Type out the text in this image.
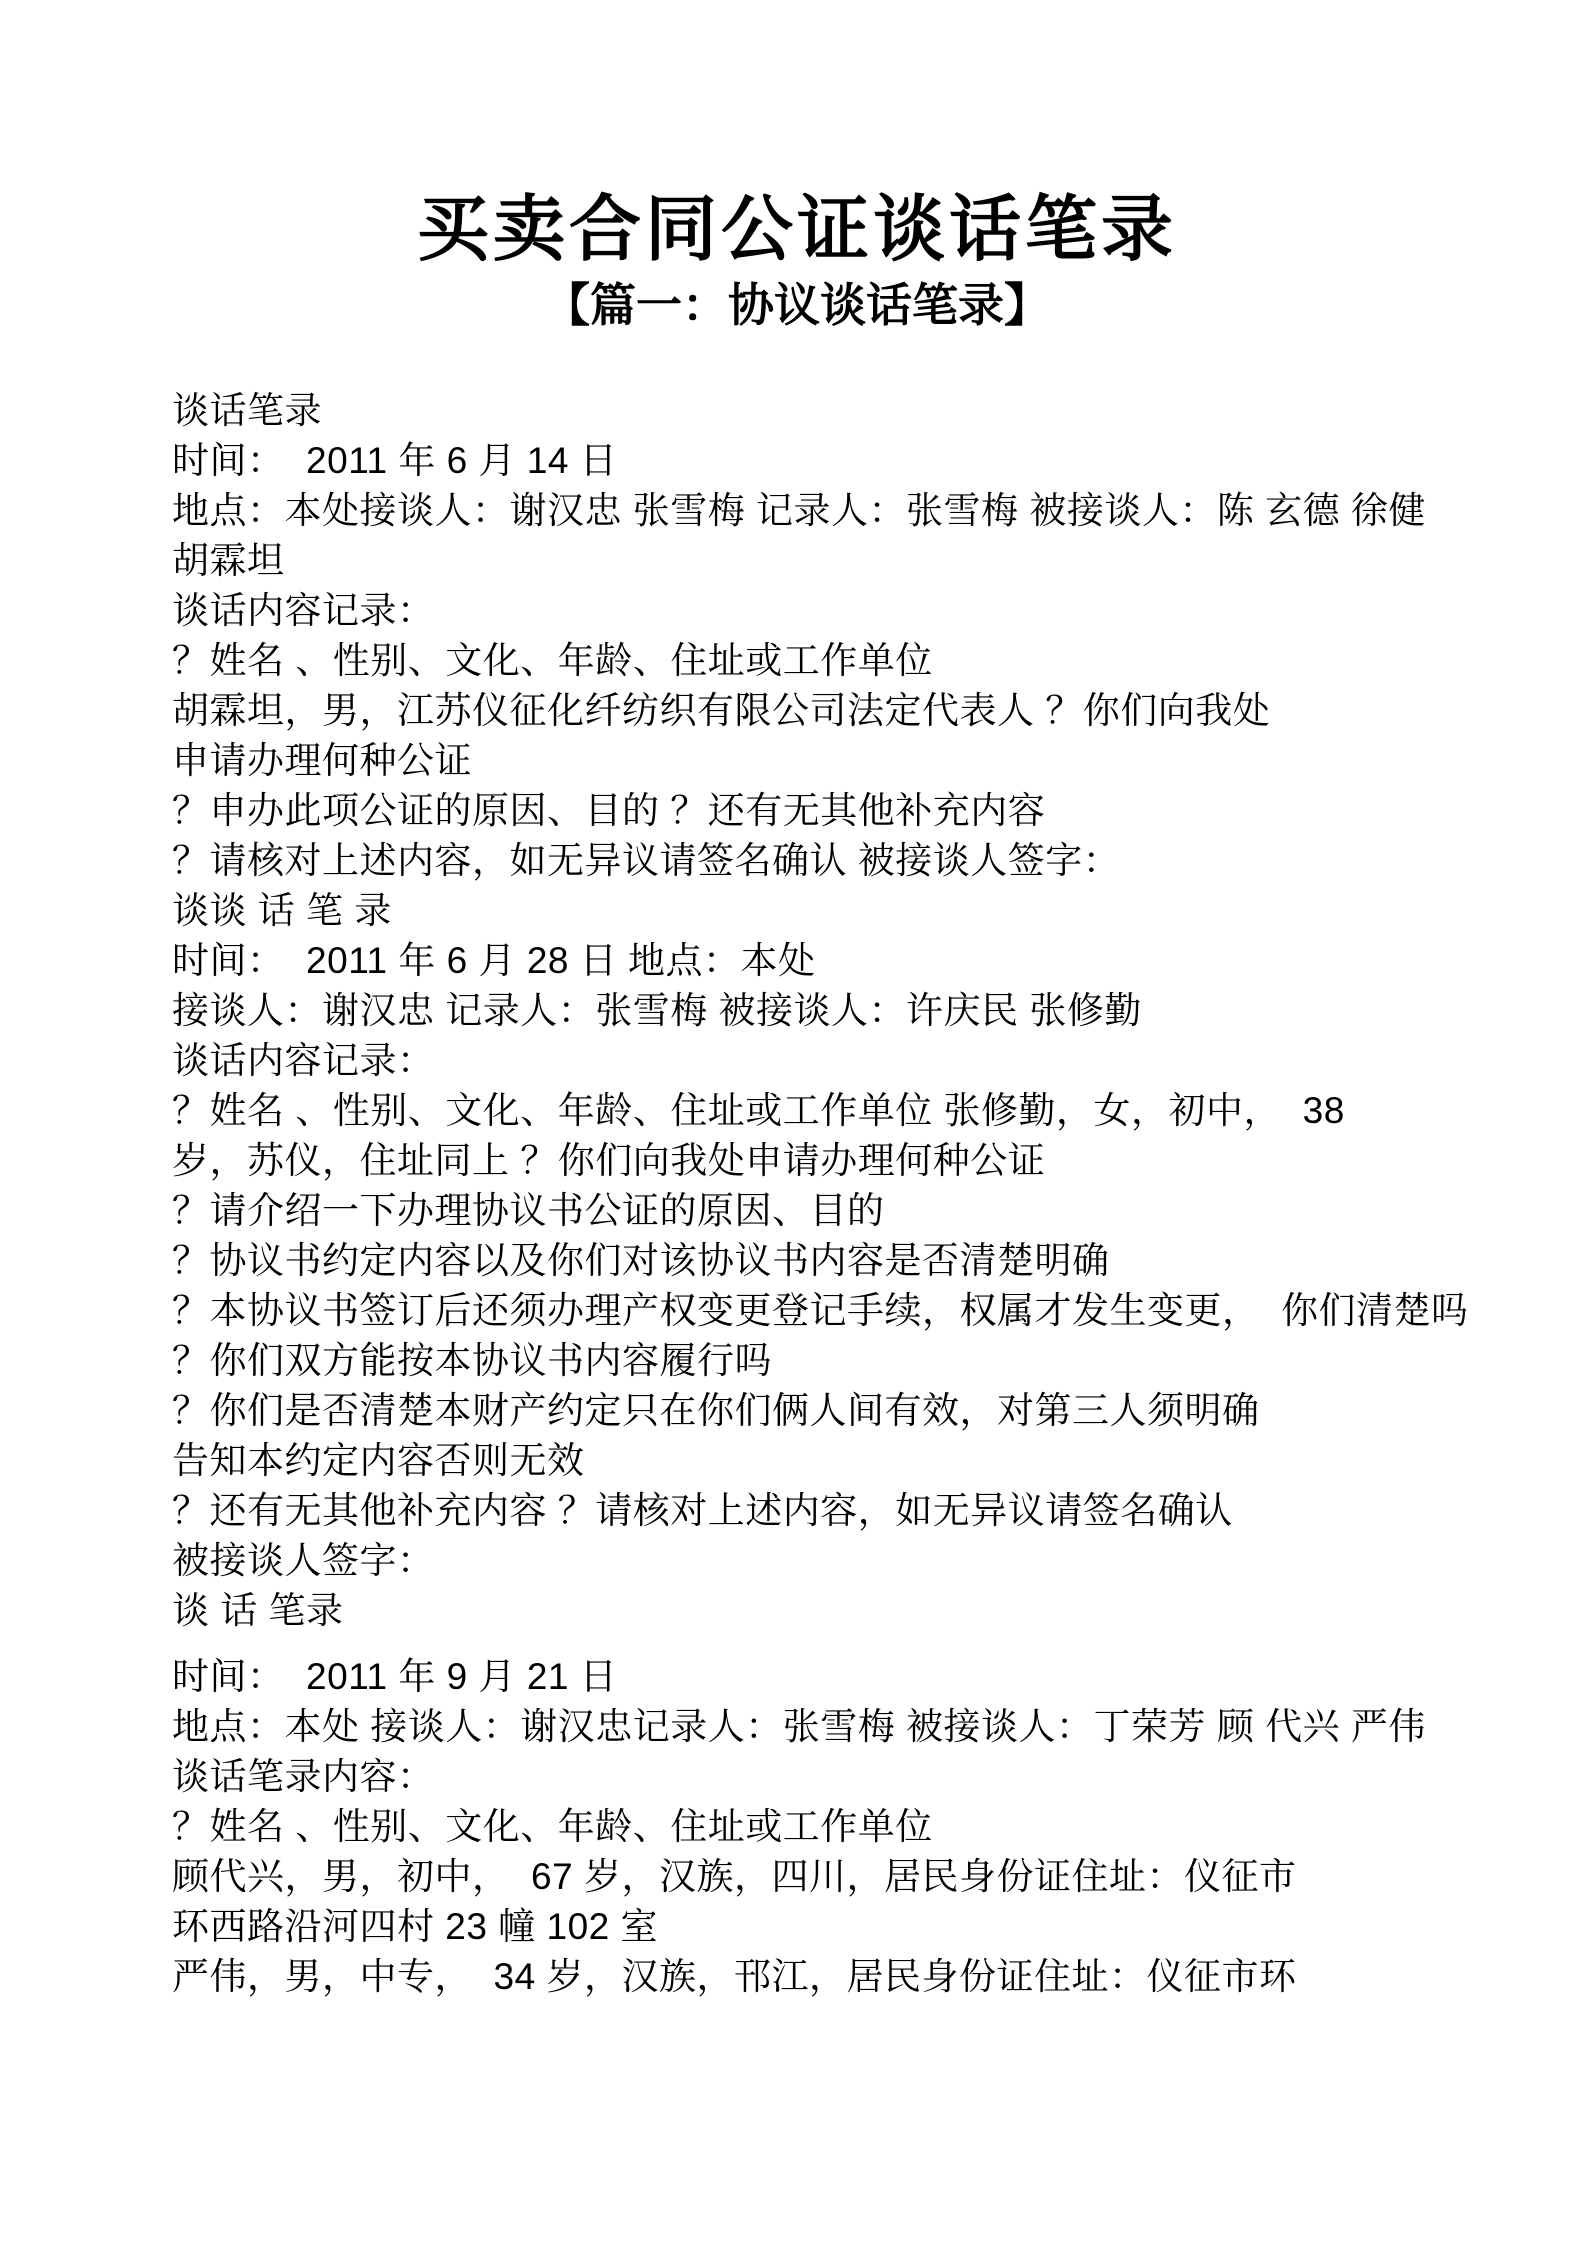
买卖合同公证谈话笔录
【篇一：协议谈话笔录】
谈话笔录
时间：  2011 年 6 月 14 日
地点：本处接谈人：谢汉忠 张雪梅 记录人：张雪梅 被接谈人：陈 玄德 徐健
胡霖坦
谈话内容记录：
？姓名 、性别、文化、年龄、住址或工作单位
胡霖坦，男，江苏仪征化纤纺织有限公司法定代表人 ？你们向我处
申请办理何种公证
？申办此项公证的原因、目的 ？还有无其他补充内容
？请核对上述内容，如无异议请签名确认 被接谈人签字：
谈谈 话 笔 录
时间：  2011 年 6 月 28 日 地点：本处
接谈人：谢汉忠 记录人：张雪梅 被接谈人：许庆民 张修勤
谈话内容记录：
？姓名 、性别、文化、年龄、住址或工作单位 张修勤，女，初中，  38
岁，苏仪，住址同上 ？你们向我处申请办理何种公证
？请介绍一下办理协议书公证的原因、目的
？协议书约定内容以及你们对该协议书内容是否清楚明确
？本协议书签订后还须办理产权变更登记手续，权属才发生变更，  你们清楚吗
？你们双方能按本协议书内容履行吗
？你们是否清楚本财产约定只在你们俩人间有效，对第三人须明确
告知本约定内容否则无效
？还有无其他补充内容 ？请核对上述内容，如无异议请签名确认
被接谈人签字：
谈 话 笔录
时间：  2011 年 9 月 21 日
地点：本处 接谈人：谢汉忠记录人：张雪梅 被接谈人：丁荣芳 顾 代兴 严伟
谈话笔录内容：
？姓名 、性别、文化、年龄、住址或工作单位
顾代兴，男，初中，  67 岁，汉族，四川，居民身份证住址：仪征市
环西路沿河四村 23 幢 102 室
严伟，男，中专，  34 岁，汉族，邗江，居民身份证住址：仪征市环
